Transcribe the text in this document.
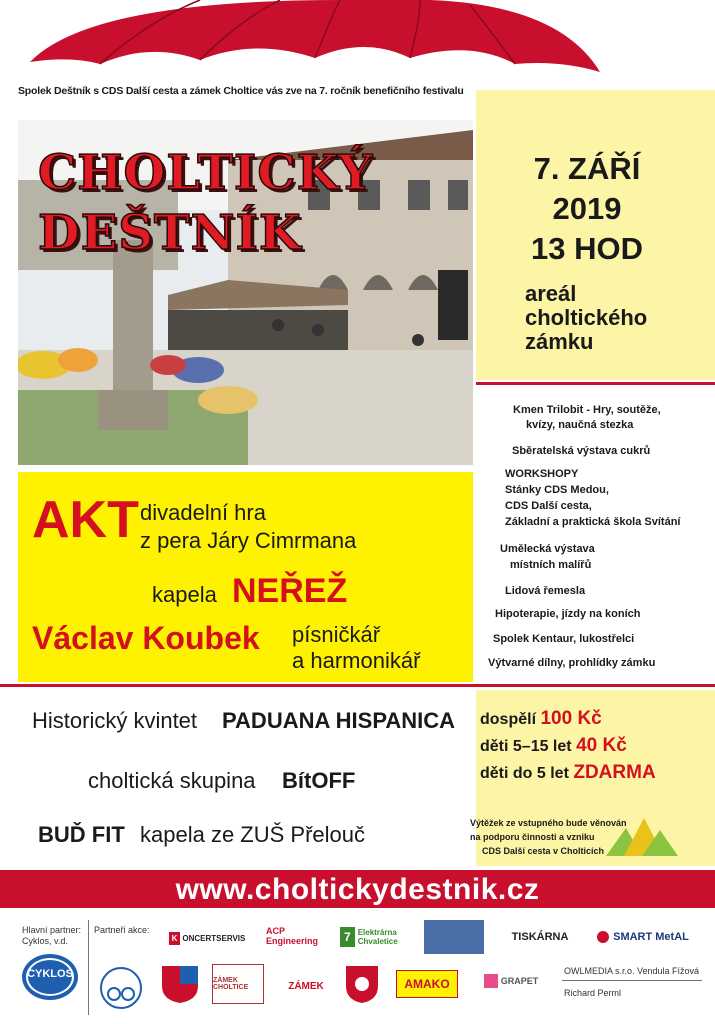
Spolek Deštník s CDS Další cesta a zámek Choltice vás zve na 7. ročník benefičního festivalu
CHOLTICKÝ
DEŠTNÍK
7. ZÁŘÍ
2019
13 HOD
areál
choltického
zámku
Kmen Trilobit - Hry, soutěže,
kvízy, naučná stezka
Sběratelská výstava cukrů
WORKSHOPY
Stánky CDS Medou,
CDS Další cesta,
Základní a praktická škola Svítání
Umělecká výstava
místních malířů
Lidová řemesla
Hipoterapie, jízdy na koních
Spolek Kentaur, lukostřelci
Výtvarné dílny, prohlídky zámku
AKT divadelní hra
z pera Járy Cimrmana
kapela NEŘEŽ
Václav Koubek písničkář
a harmonikář
Historický kvintet PADUANA HISPANICA
choltická skupina BítOFF
BUĎ FIT kapela ze ZUŠ Přelouč
dospělí 100 Kč
děti 5–15 let 40 Kč
děti do 5 let ZDARMA
Výtěžek ze vstupného bude věnován
na podporu činnosti a vzniku
CDS Další cesta v Cholticích
www.choltickydestnik.cz
Hlavní partner:
Cyklos, v.d.
Partneři akce:
CYKLOS
K ONCERTSERVIS
ACP Engineering	7 Elektrárna Chvaletice	TISKÁRNA	SMART MetAL
ZÁMEK CHOLTICE	ZÁMEK	AMAKO	GRAPET
OWLMEDIA s.r.o. Vendula Fížová
Richard Perml
